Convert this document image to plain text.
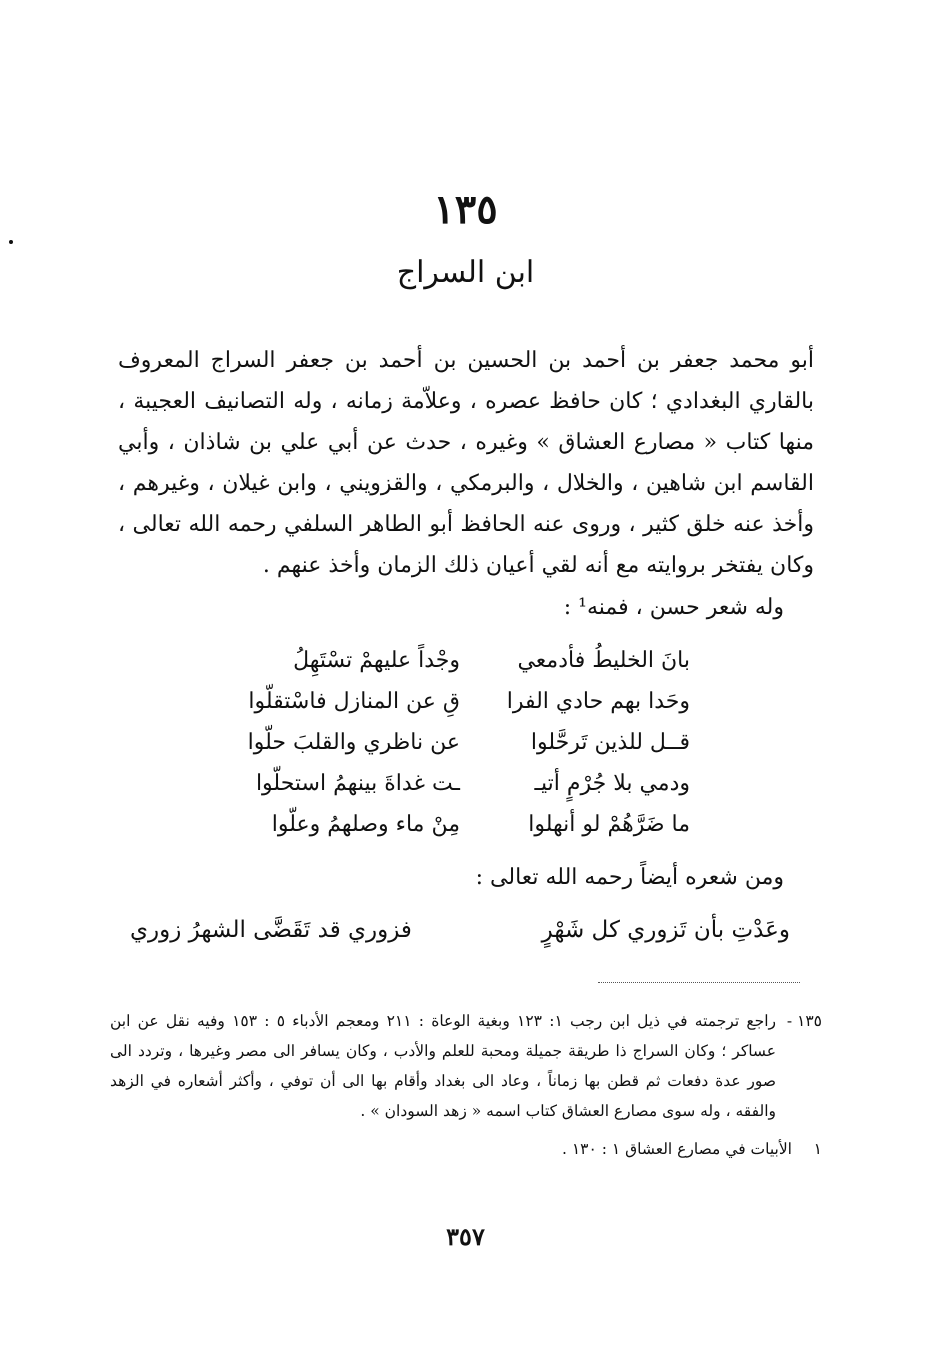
١٣٥
ابن السراج

أبو محمد جعفر بن أحمد بن الحسين بن أحمد بن جعفر السراج المعروف بالقاري البغدادي ؛ كان حافظ عصره ، وعلاّمة زمانه ، وله التصانيف العجيبة ، منها كتاب « مصارع العشاق » وغيره ، حدث عن أبي علي بن شاذان ، وأبي القاسم ابن شاهين ، والخلال ، والبرمكي ، والقزويني ، وابن غيلان ، وغيرهم ، وأخذ عنه خلق كثير ، وروى عنه الحافظ أبو الطاهر السلفي رحمه الله تعالى ، وكان يفتخر بروايته مع أنه لقي أعيان ذلك الزمان وأخذ عنهم .

وله شعر حسن ، فمنه¹ :
بانَ الخليطُ فأدمعي
وجْداً عليهمْ تسْتَهِلُ
وحَدا بهم حادي الفرا
قِ عن المنازل فاسْتقلّوا
قــل للذين تَرحَّلوا
عن ناظري والقلبَ حلّوا
ودمي بلا جُرْمٍ أتيـ
ـت غداةَ بينهمُ استحلّوا
ما ضَرَّهُمْ لو أنهلوا
مِنْ ماء وصلهمُ وعلّوا
ومن شعره أيضاً رحمه الله تعالى :
وعَدْتِ بأن تَزوري كل شَهْرٍ
فزوري قد تَقَضَّى الشهرُ زوري
١٣٥ -
راجع ترجمته في ذيل ابن رجب ١: ١٢٣ وبغية الوعاة : ٢١١ ومعجم الأدباء ٥ : ١٥٣ وفيه نقل عن ابن عساكر ؛ وكان السراج ذا طريقة جميلة ومحبة للعلم والأدب ، وكان يسافر الى مصر وغيرها ، وتردد الى صور عدة دفعات ثم قطن بها زماناً ، وعاد الى بغداد وأقام بها الى أن توفي ، وأكثر أشعاره في الزهد والفقه ، وله سوى مصارع العشاق كتاب اسمه « زهد السودان » .
١
الأبيات في مصارع العشاق ١ : ١٣٠ .
٣٥٧
